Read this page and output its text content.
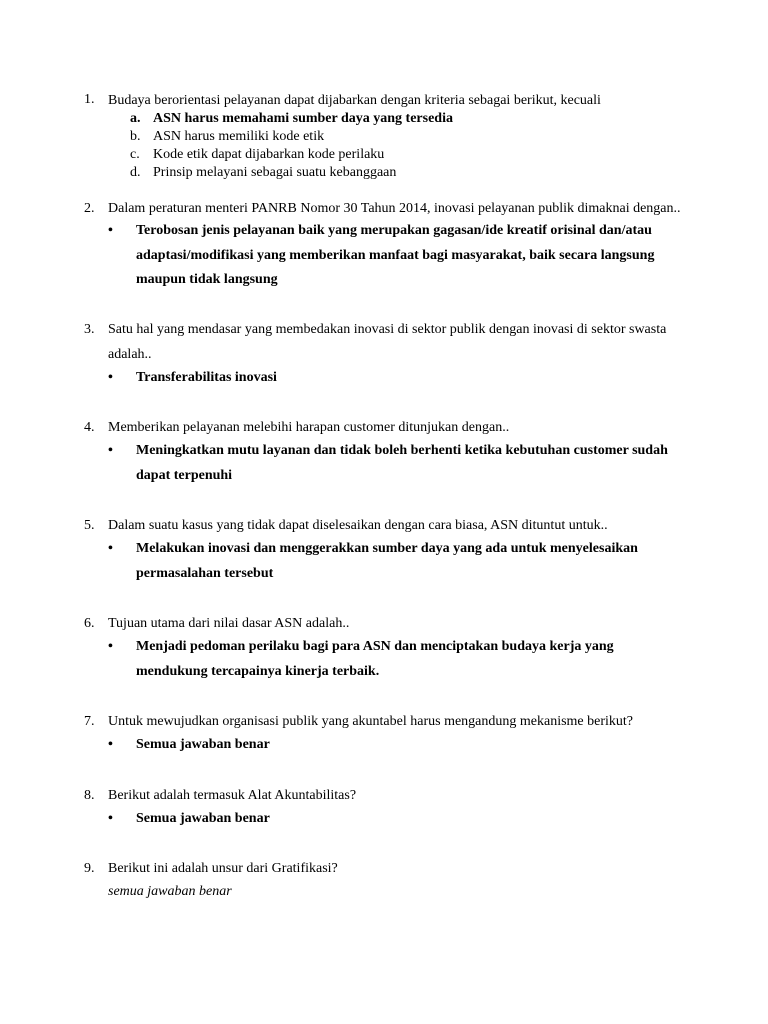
1. Budaya berorientasi pelayanan dapat dijabarkan dengan kriteria sebagai berikut, kecuali
a. ASN harus memahami sumber daya yang tersedia
b. ASN harus memiliki kode etik
c. Kode etik dapat dijabarkan kode perilaku
d. Prinsip melayani sebagai suatu kebanggaan
2. Dalam peraturan menteri PANRB Nomor 30 Tahun 2014, inovasi pelayanan publik dimaknai dengan..
• Terobosan jenis pelayanan baik yang merupakan gagasan/ide kreatif orisinal dan/atau adaptasi/modifikasi yang memberikan manfaat bagi masyarakat, baik secara langsung maupun tidak langsung
3. Satu hal yang mendasar yang membedakan inovasi di sektor publik dengan inovasi di sektor swasta adalah..
• Transferabilitas inovasi
4. Memberikan pelayanan melebihi harapan customer ditunjukan dengan..
• Meningkatkan mutu layanan dan tidak boleh berhenti ketika kebutuhan customer sudah dapat terpenuhi
5. Dalam suatu kasus yang tidak dapat diselesaikan dengan cara biasa, ASN dituntut untuk..
• Melakukan inovasi dan menggerakkan sumber daya yang ada untuk menyelesaikan permasalahan tersebut
6. Tujuan utama dari nilai dasar ASN adalah..
• Menjadi pedoman perilaku bagi para ASN dan menciptakan budaya kerja yang mendukung tercapainya kinerja terbaik.
7. Untuk mewujudkan organisasi publik yang akuntabel harus mengandung mekanisme berikut?
• Semua jawaban benar
8. Berikut adalah termasuk Alat Akuntabilitas?
• Semua jawaban benar
9. Berikut ini adalah unsur dari Gratifikasi?
semua jawaban benar
